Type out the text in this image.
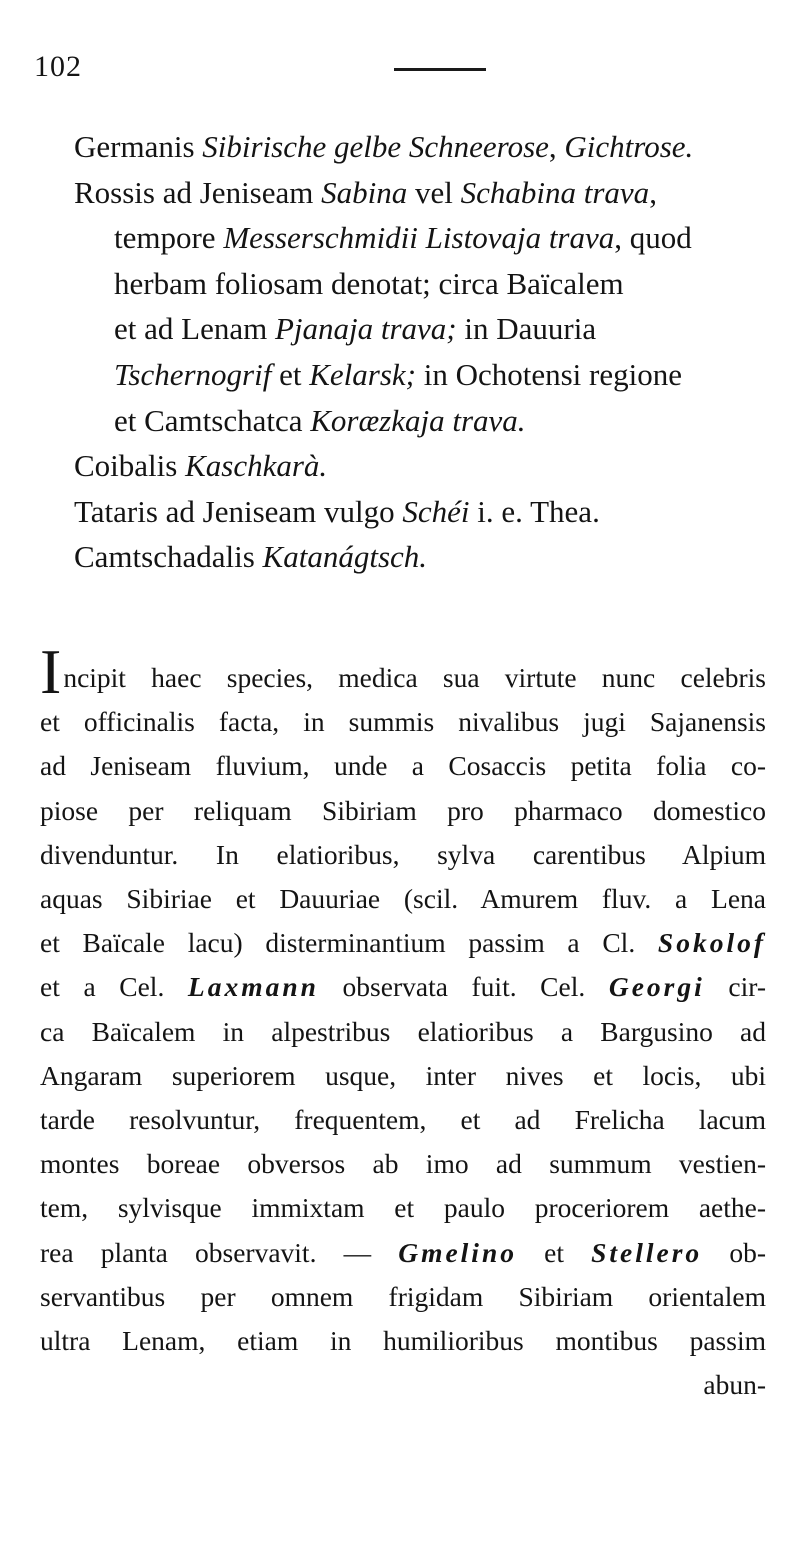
102
Germanis Sibirische gelbe Schneerose, Gichtrose.
Rossis ad Jeniseam Sabina vel Schabina trava,
tempore Messerschmidii Listovaja trava, quod
herbam foliosam denotat; circa Baïcalem
et ad Lenam Pjanaja trava; in Dauuria
Tschernogrif et Kelarsk; in Ochotensi regione
et Camtschatca Koræzkaja trava.
Coibalis Kaschkarà.
Tataris ad Jeniseam vulgo Schéi i. e. Thea.
Camtschadalis Katanágtsch.
Incipit haec species, medica sua virtute nunc celebris
et officinalis facta, in summis nivalibus jugi Sajanensis
ad Jeniseam fluvium, unde a Cosaccis petita folia co-
piose per reliquam Sibiriam pro pharmaco domestico
divenduntur. In elatioribus, sylva carentibus Alpium
aquas Sibiriae et Dauuriae (scil. Amurem fluv. a Lena
et Baïcale lacu) disterminantium passim a Cl. Sokolof
et a Cel. Laxmann observata fuit. Cel. Georgi cir-
ca Baïcalem in alpestribus elatioribus a Bargusino ad
Angaram superiorem usque, inter nives et locis, ubi
tarde resolvuntur, frequentem, et ad Frelicha lacum
montes boreae obversos ab imo ad summum vestien-
tem, sylvisque immixtam et paulo proceriorem aethe-
rea planta observavit. — Gmelino et Stellero ob-
servantibus per omnem frigidam Sibiriam orientalem
ultra Lenam, etiam in humilioribus montibus passim
abun-
